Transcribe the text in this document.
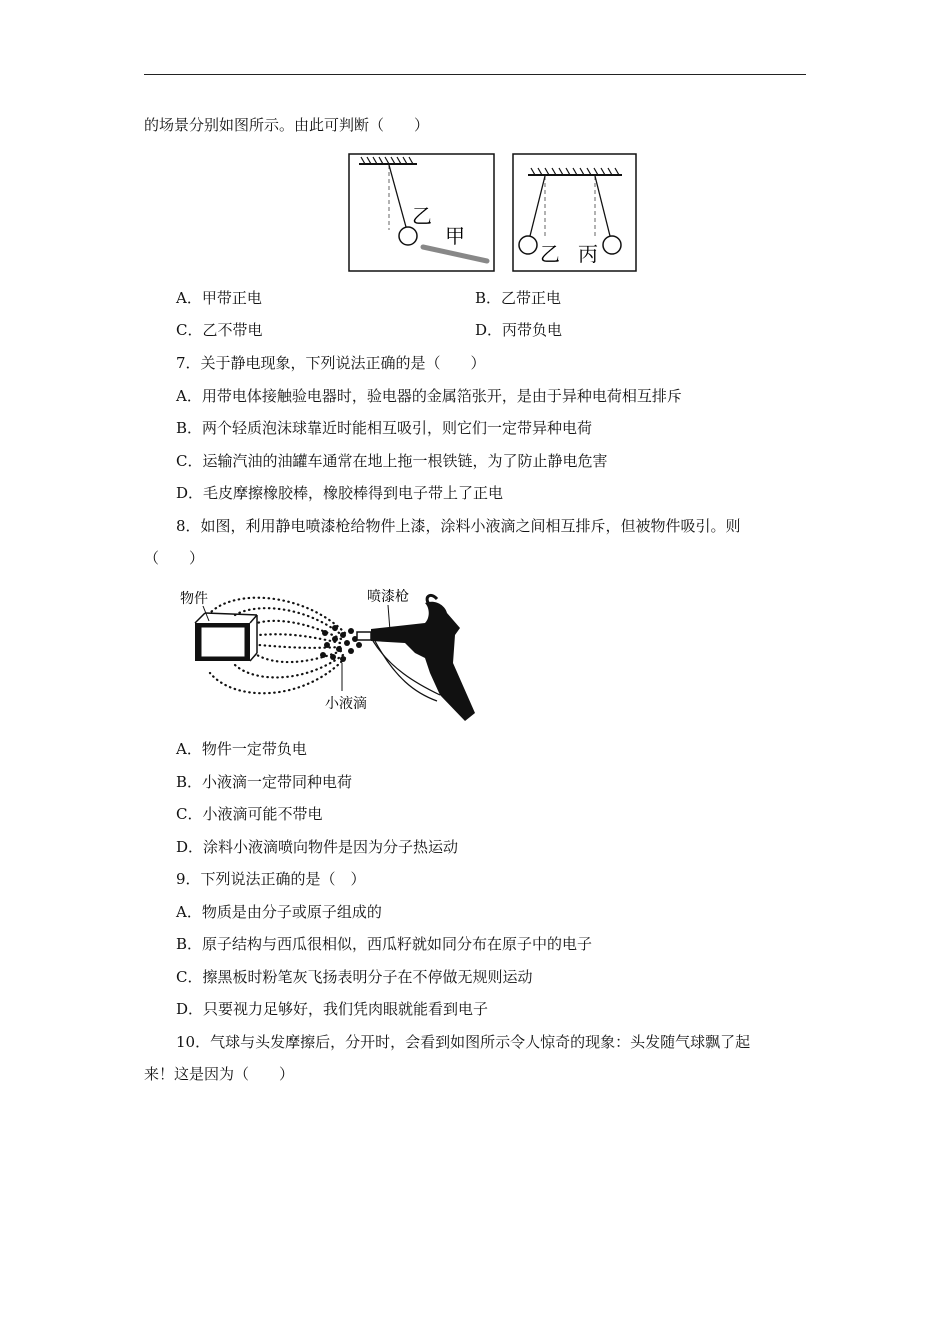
的场景分别如图所示。由此可判断（　　）
乙
甲
乙 丙
A．甲带正电	B．乙带正电
C．乙不带电	D．丙带负电
7．关于静电现象，下列说法正确的是（　　）
A．用带电体接触验电器时，验电器的金属箔张开，是由于异种电荷相互排斥
B．两个轻质泡沫球靠近时能相互吸引，则它们一定带异种电荷
C．运输汽油的油罐车通常在地上拖一根铁链，为了防止静电危害
D．毛皮摩擦橡胶棒，橡胶棒得到电子带上了正电
8．如图，利用静电喷漆枪给物件上漆，涂料小液滴之间相互排斥，但被物件吸引。则
（　　）
物件	喷漆枪
小液滴
A．物件一定带负电
B．小液滴一定带同种电荷
C．小液滴可能不带电
D．涂料小液滴喷向物件是因为分子热运动
9．下列说法正确的是（　）
A．物质是由分子或原子组成的
B．原子结构与西瓜很相似，西瓜籽就如同分布在原子中的电子
C．擦黑板时粉笔灰飞扬表明分子在不停做无规则运动
D．只要视力足够好，我们凭肉眼就能看到电子
10．气球与头发摩擦后，分开时，会看到如图所示令人惊奇的现象：头发随气球飘了起
来！这是因为（　　）
